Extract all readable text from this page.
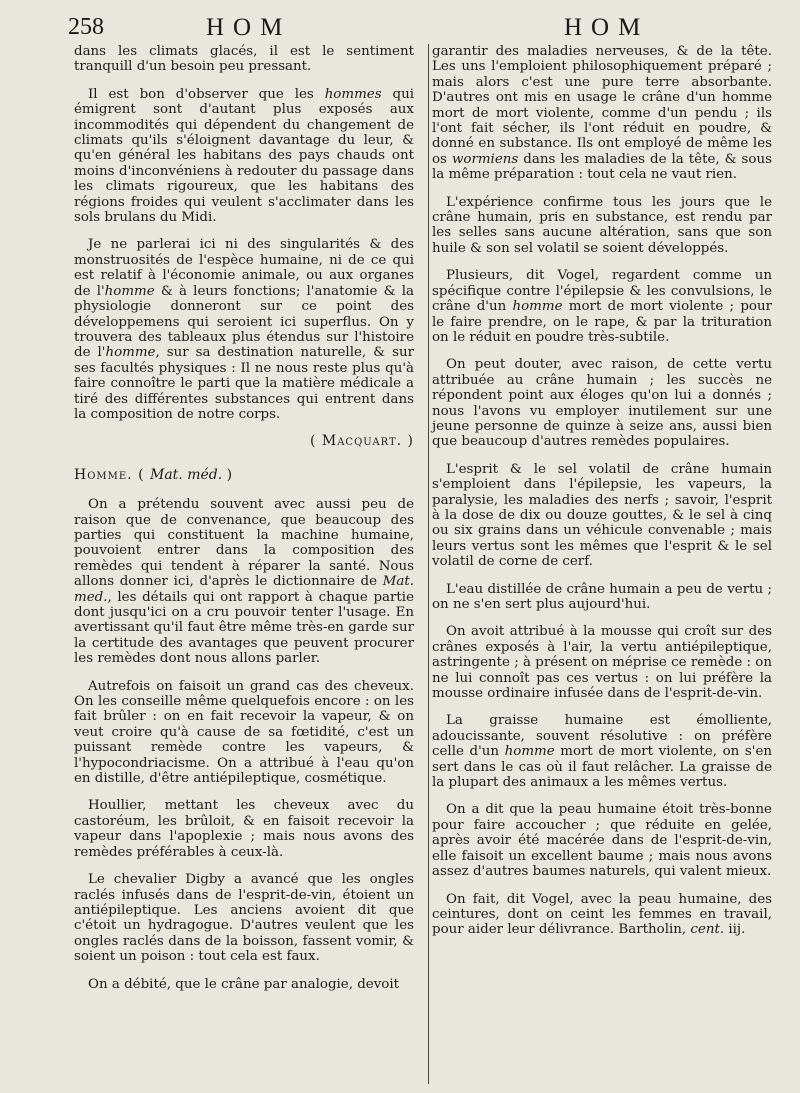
258	HOM	HOM

dans les climats glacés, il est le sentiment tranquill d'un besoin peu pressant.

Il est bon d'observer que les hommes qui émigrent sont d'autant plus exposés aux incommodités qui dépendent du changement de climats qu'ils s'éloignent davantage du leur, & qu'en général les habitans des pays chauds ont moins d'inconvéniens à redouter du passage dans les climats rigoureux, que les habitans des régions froides qui veulent s'acclimater dans les sols brulans du Midi.

Je ne parlerai ici ni des singularités & des monstruosités de l'espèce humaine, ni de ce qui est relatif à l'économie animale, ou aux organes de l'homme & à leurs fonctions; l'anatomie & la physiologie donneront sur ce point des développemens qui seroient ici superflus. On y trouvera des tableaux plus étendus sur l'histoire de l'homme, sur sa destination naturelle, & sur ses facultés physiques : Il ne nous reste plus qu'à faire connoître le parti que la matière médicale a tiré des différentes substances qui entrent dans la composition de notre corps.

( Macquart. )
Homme. ( Mat. méd. )

On a prétendu souvent avec aussi peu de raison que de convenance, que beaucoup des parties qui constituent la machine humaine, pouvoient entrer dans la composition des remèdes qui tendent à réparer la santé. Nous allons donner ici, d'après le dictionnaire de Mat. med., les détails qui ont rapport à chaque partie dont jusqu'ici on a cru pouvoir tenter l'usage. En avertissant qu'il faut être même très-en garde sur la certitude des avantages que peuvent procurer les remèdes dont nous allons parler.

Autrefois on faisoit un grand cas des cheveux. On les conseille même quelquefois encore : on les fait brûler : on en fait recevoir la vapeur, & on veut croire qu'à cause de sa fœtidité, c'est un puissant remède contre les vapeurs, & l'hypocondriacisme. On a attribué à l'eau qu'on en distille, d'être antiépileptique, cosmétique.

Houllier, mettant les cheveux avec du castoréum, les brûloit, & en faisoit recevoir la vapeur dans l'apoplexie ; mais nous avons des remèdes préférables à ceux-là.

Le chevalier Digby a avancé que les ongles raclés infusés dans de l'esprit-de-vin, étoient un antiépileptique. Les anciens avoient dit que c'étoit un hydragogue. D'autres veulent que les ongles raclés dans de la boisson, fassent vomir, & soient un poison : tout cela est faux.

On a débité, que le crâne par analogie, devoit

garantir des maladies nerveuses, & de la tête. Les uns l'emploient philosophiquement préparé ; mais alors c'est une pure terre absorbante. D'autres ont mis en usage le crâne d'un homme mort de mort violente, comme d'un pendu ; ils l'ont fait sécher, ils l'ont réduit en poudre, & donné en substance. Ils ont employé de même les os wormiens dans les maladies de la tête, & sous la même préparation : tout cela ne vaut rien.

L'expérience confirme tous les jours que le crâne humain, pris en substance, est rendu par les selles sans aucune altération, sans que son huile & son sel volatil se soient développés.

Plusieurs, dit Vogel, regardent comme un spécifique contre l'épilepsie & les convulsions, le crâne d'un homme mort de mort violente ; pour le faire prendre, on le rape, & par la trituration on le réduit en poudre très-subtile.

On peut douter, avec raison, de cette vertu attribuée au crâne humain ; les succès ne répondent point aux éloges qu'on lui a donnés ; nous l'avons vu employer inutilement sur une jeune personne de quinze à seize ans, aussi bien que beaucoup d'autres remèdes populaires.

L'esprit & le sel volatil de crâne humain s'emploient dans l'épilepsie, les vapeurs, la paralysie, les maladies des nerfs ; savoir, l'esprit à la dose de dix ou douze gouttes, & le sel à cinq ou six grains dans un véhicule convenable ; mais leurs vertus sont les mêmes que l'esprit & le sel volatil de corne de cerf.

L'eau distillée de crâne humain a peu de vertu ; on ne s'en sert plus aujourd'hui.

On avoit attribué à la mousse qui croît sur des crânes exposés à l'air, la vertu antiépileptique, astringente ; à présent on méprise ce remède : on ne lui connoît pas ces vertus : on lui préfère la mousse ordinaire infusée dans de l'esprit-de-vin.

La graisse humaine est émolliente, adoucissante, souvent résolutive : on préfère celle d'un homme mort de mort violente, on s'en sert dans le cas où il faut relâcher. La graisse de la plupart des animaux a les mêmes vertus.

On a dit que la peau humaine étoit très-bonne pour faire accoucher ; que réduite en gelée, après avoir été macérée dans de l'esprit-de-vin, elle faisoit un excellent baume ; mais nous avons assez d'autres baumes naturels, qui valent mieux.

On fait, dit Vogel, avec la peau humaine, des ceintures, dont on ceint les femmes en travail, pour aider leur délivrance. Bartholin, cent. iij.
